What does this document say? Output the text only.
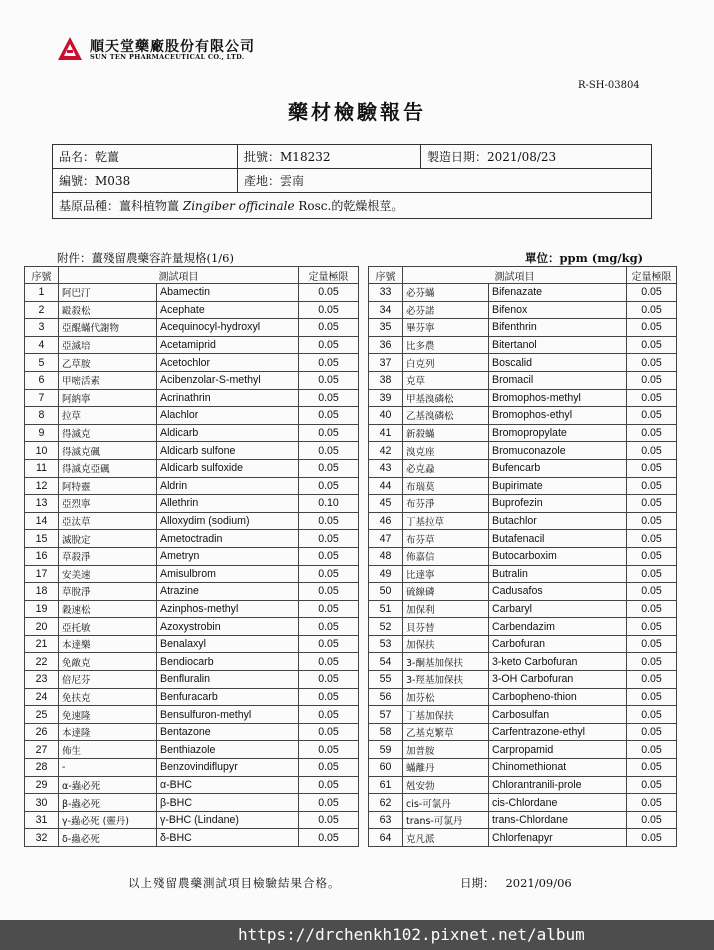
順天堂藥廠股份有限公司
SUN TEN PHARMACEUTICAL CO., LTD.
R-SH-03804
藥材檢驗報告
品名：乾薑	批號：M18232	製造日期：2021/08/23
編號：M038	產地：雲南	
基原品種：薑科植物薑 Zingiber officinale Rosc.的乾燥根莖。		
附件：薑殘留農藥容許量規格(1/6)	單位：ppm (mg/kg)
序號	測試項目		定量極限
1	阿巴汀	Abamectin	0.05
2	毆殺松	Acephate	0.05
3	亞醌蟎代謝物	Acequinocyl-hydroxyl	0.05
4	亞滅培	Acetamiprid	0.05
5	乙草胺	Acetochlor	0.05
6	甲嘧活素	Acibenzolar-S-methyl	0.05
7	阿納寧	Acrinathrin	0.05
8	拉草	Alachlor	0.05
9	得滅克	Aldicarb	0.05
10	得滅克碸	Aldicarb sulfone	0.05
11	得滅克亞碸	Aldicarb sulfoxide	0.05
12	阿特靈	Aldrin	0.05
13	亞烈寧	Allethrin	0.10
14	亞汰草	Alloxydim (sodium)	0.05
15	滅脫定	Ametoctradin	0.05
16	草殺淨	Ametryn	0.05
17	安美速	Amisulbrom	0.05
18	草脫淨	Atrazine	0.05
19	穀速松	Azinphos-methyl	0.05
20	亞托敏	Azoxystrobin	0.05
21	本達樂	Benalaxyl	0.05
22	免敵克	Bendiocarb	0.05
23	倍尼芬	Benfluralin	0.05
24	免扶克	Benfuracarb	0.05
25	免速隆	Bensulfuron-methyl	0.05
26	本達隆	Bentazone	0.05
27	佈生	Benthiazole	0.05
28	-	Benzovindiflupyr	0.05
29	α-蟲必死	α-BHC	0.05
30	β-蟲必死	β-BHC	0.05
31	γ-蟲必死 (靈丹)	γ-BHC (Lindane)	0.05
32	δ-蟲必死	δ-BHC	0.05
序號	測試項目		定量極限
33	必芬蟎	Bifenazate	0.05
34	必芬諾	Bifenox	0.05
35	畢芬寧	Bifenthrin	0.05
36	比多農	Bitertanol	0.05
37	白克列	Boscalid	0.05
38	克草	Bromacil	0.05
39	甲基溴磷松	Bromophos-methyl	0.05
40	乙基溴磷松	Bromophos-ethyl	0.05
41	新殺蟎	Bromopropylate	0.05
42	溴克座	Bromuconazole	0.05
43	必克蝨	Bufencarb	0.05
44	布瑞莫	Bupirimate	0.05
45	布芬淨	Buprofezin	0.05
46	丁基拉草	Butachlor	0.05
47	布芬草	Butafenacil	0.05
48	佈嘉信	Butocarboxim	0.05
49	比達寧	Butralin	0.05
50	硫線磷	Cadusafos	0.05
51	加保利	Carbaryl	0.05
52	貝芬替	Carbendazim	0.05
53	加保扶	Carbofuran	0.05
54	3-酮基加保扶	3-keto Carbofuran	0.05
55	3-羥基加保扶	3-OH Carbofuran	0.05
56	加芬松	Carbopheno-thion	0.05
57	丁基加保扶	Carbosulfan	0.05
58	乙基克繁草	Carfentrazone-ethyl	0.05
59	加普胺	Carpropamid	0.05
60	蟎離丹	Chinomethionat	0.05
61	剋安勃	Chlorantranili-prole	0.05
62	cis-可氯丹	cis-Chlordane	0.05
63	trans-可氯丹	trans-Chlordane	0.05
64	克凡派	Chlorfenapyr	0.05
以上殘留農藥測試項目檢驗結果合格。	日期： 2021/09/06
https://drchenkh102.pixnet.net/album
